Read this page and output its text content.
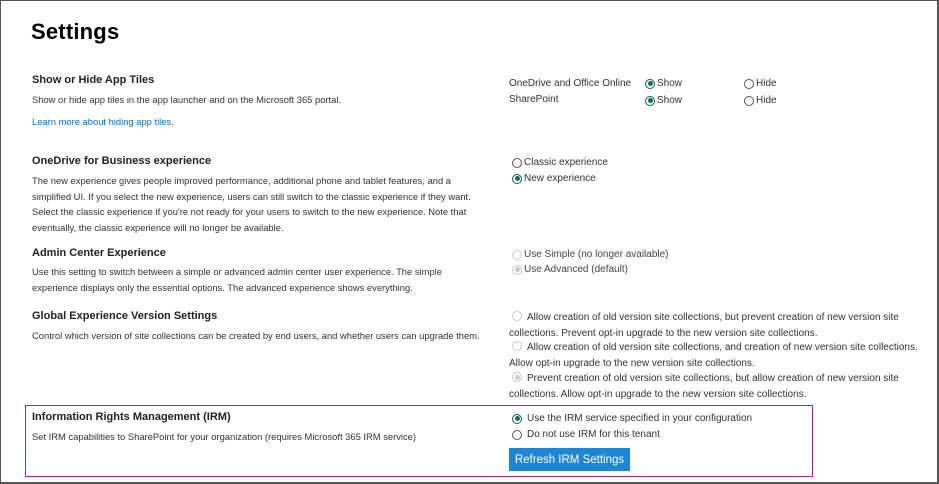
Settings
Show or Hide App Tiles
Show or hide app tiles in the app launcher and on the Microsoft 365 portal.
Learn more about hiding app tiles.
OneDrive and Office Online	Show	Hide
SharePoint	Show	Hide
OneDrive for Business experience
The new experience gives people improved performance, additional phone and tablet features, and a simplified UI. If you select the new experience, users can still switch to the classic experience if they want. Select the classic experience if you're not ready for your users to switch to the new experience. Note that eventually, the classic experience will no longer be available.
Classic experience
New experience
Admin Center Experience
Use this setting to switch between a simple or advanced admin center user experience. The simple experience displays only the essential options. The advanced experience shows everything.
Use Simple (no longer available)
Use Advanced (default)
Global Experience Version Settings
Control which version of site collections can be created by end users, and whether users can upgrade them.
Allow creation of old version site collections, but prevent creation of new version site collections. Prevent opt-in upgrade to the new version site collections.
Allow creation of old version site collections, and creation of new version site collections. Allow opt-in upgrade to the new version site collections.
Prevent creation of old version site collections, but allow creation of new version site collections. Allow opt-in upgrade to the new version site collections.
Information Rights Management (IRM)
Set IRM capabilities to SharePoint for your organization (requires Microsoft 365 IRM service)
Use the IRM service specified in your configuration
Do not use IRM for this tenant
Refresh IRM Settings
